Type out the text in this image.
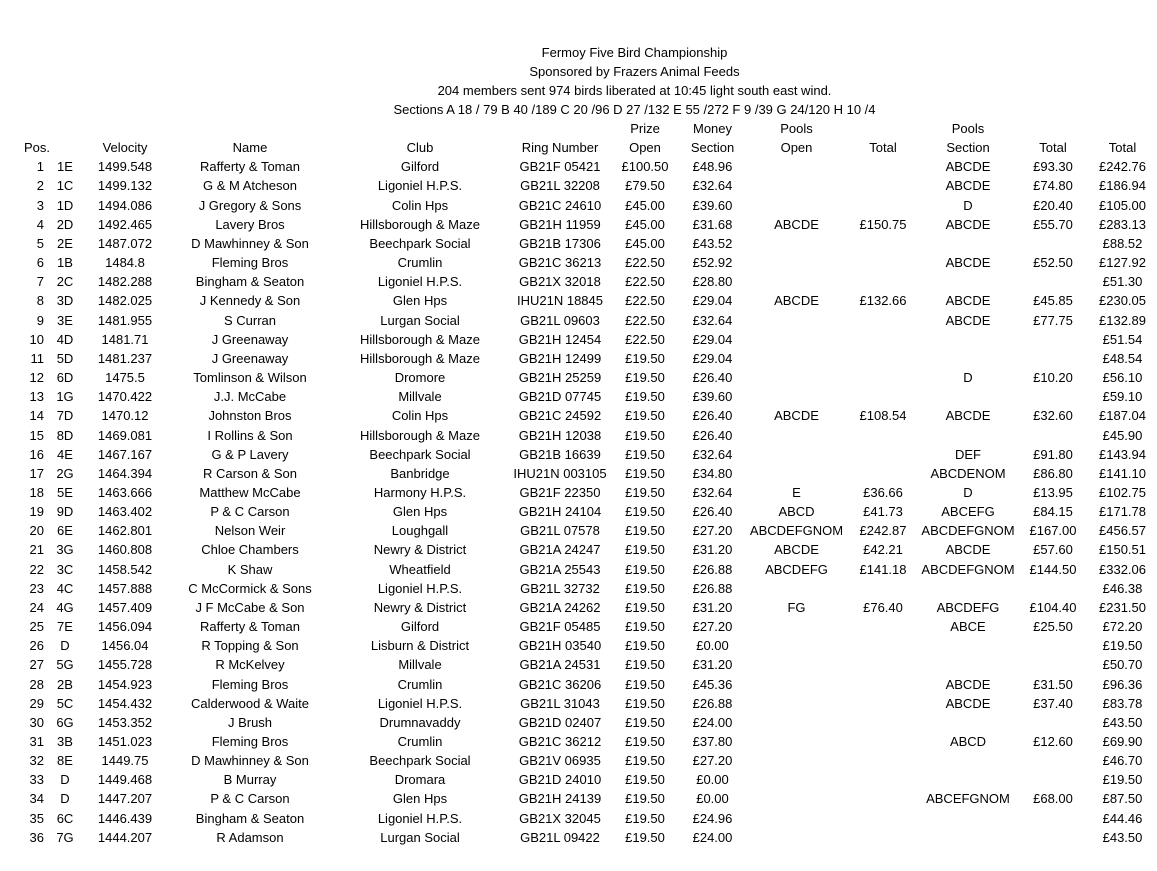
Fermoy Five Bird Championship
Sponsored by Frazers Animal Feeds
204 members sent 974 birds liberated at 10:45 light south east wind.
Sections A 18 / 79 B 40 /189 C 20 /96 D 27 /132 E 55 /272 F 9 /39 G 24/120 H 10 /4
						Prize	Money	Pools		Pools		
Pos.		Velocity	Name	Club	Ring Number	Open	Section	Open	Total	Section	Total	Total
1	1E	1499.548	Rafferty & Toman	Gilford	GB21F 05421	£100.50	£48.96			ABCDE	£93.30	£242.76
2	1C	1499.132	G & M Atcheson	Ligoniel H.P.S.	GB21L 32208	£79.50	£32.64			ABCDE	£74.80	£186.94
3	1D	1494.086	J Gregory & Sons	Colin Hps	GB21C 24610	£45.00	£39.60			D	£20.40	£105.00
4	2D	1492.465	Lavery Bros	Hillsborough & Maze	GB21H 11959	£45.00	£31.68	ABCDE	£150.75	ABCDE	£55.70	£283.13
5	2E	1487.072	D Mawhinney & Son	Beechpark Social	GB21B 17306	£45.00	£43.52					£88.52
6	1B	1484.8	Fleming Bros	Crumlin	GB21C 36213	£22.50	£52.92			ABCDE	£52.50	£127.92
7	2C	1482.288	Bingham & Seaton	Ligoniel H.P.S.	GB21X 32018	£22.50	£28.80					£51.30
8	3D	1482.025	J Kennedy & Son	Glen Hps	IHU21N 18845	£22.50	£29.04	ABCDE	£132.66	ABCDE	£45.85	£230.05
9	3E	1481.955	S Curran	Lurgan Social	GB21L 09603	£22.50	£32.64			ABCDE	£77.75	£132.89
10	4D	1481.71	J Greenaway	Hillsborough & Maze	GB21H 12454	£22.50	£29.04					£51.54
11	5D	1481.237	J Greenaway	Hillsborough & Maze	GB21H 12499	£19.50	£29.04					£48.54
12	6D	1475.5	Tomlinson & Wilson	Dromore	GB21H 25259	£19.50	£26.40			D	£10.20	£56.10
13	1G	1470.422	J.J. McCabe	Millvale	GB21D 07745	£19.50	£39.60					£59.10
14	7D	1470.12	Johnston Bros	Colin Hps	GB21C 24592	£19.50	£26.40	ABCDE	£108.54	ABCDE	£32.60	£187.04
15	8D	1469.081	I Rollins & Son	Hillsborough & Maze	GB21H 12038	£19.50	£26.40					£45.90
16	4E	1467.167	G & P Lavery	Beechpark Social	GB21B 16639	£19.50	£32.64			DEF	£91.80	£143.94
17	2G	1464.394	R Carson & Son	Banbridge	IHU21N 003105	£19.50	£34.80			ABCDENOM	£86.80	£141.10
18	5E	1463.666	Matthew McCabe	Harmony H.P.S.	GB21F 22350	£19.50	£32.64	E	£36.66	D	£13.95	£102.75
19	9D	1463.402	P & C Carson	Glen Hps	GB21H 24104	£19.50	£26.40	ABCD	£41.73	ABCEFG	£84.15	£171.78
20	6E	1462.801	Nelson Weir	Loughgall	GB21L 07578	£19.50	£27.20	ABCDEFGNOM	£242.87	ABCDEFGNOM	£167.00	£456.57
21	3G	1460.808	Chloe Chambers	Newry & District	GB21A 24247	£19.50	£31.20	ABCDE	£42.21	ABCDE	£57.60	£150.51
22	3C	1458.542	K Shaw	Wheatfield	GB21A 25543	£19.50	£26.88	ABCDEFG	£141.18	ABCDEFGNOM	£144.50	£332.06
23	4C	1457.888	C McCormick & Sons	Ligoniel H.P.S.	GB21L 32732	£19.50	£26.88					£46.38
24	4G	1457.409	J F McCabe & Son	Newry & District	GB21A 24262	£19.50	£31.20	FG	£76.40	ABCDEFG	£104.40	£231.50
25	7E	1456.094	Rafferty & Toman	Gilford	GB21F 05485	£19.50	£27.20			ABCE	£25.50	£72.20
26	D	1456.04	R Topping & Son	Lisburn & District	GB21H 03540	£19.50	£0.00					£19.50
27	5G	1455.728	R McKelvey	Millvale	GB21A 24531	£19.50	£31.20					£50.70
28	2B	1454.923	Fleming Bros	Crumlin	GB21C 36206	£19.50	£45.36			ABCDE	£31.50	£96.36
29	5C	1454.432	Calderwood & Waite	Ligoniel H.P.S.	GB21L 31043	£19.50	£26.88			ABCDE	£37.40	£83.78
30	6G	1453.352	J Brush	Drumnavaddy	GB21D 02407	£19.50	£24.00					£43.50
31	3B	1451.023	Fleming Bros	Crumlin	GB21C 36212	£19.50	£37.80			ABCD	£12.60	£69.90
32	8E	1449.75	D Mawhinney & Son	Beechpark Social	GB21V 06935	£19.50	£27.20					£46.70
33	D	1449.468	B Murray	Dromara	GB21D 24010	£19.50	£0.00					£19.50
34	D	1447.207	P & C Carson	Glen Hps	GB21H 24139	£19.50	£0.00			ABCEFGNOM	£68.00	£87.50
35	6C	1446.439	Bingham & Seaton	Ligoniel H.P.S.	GB21X 32045	£19.50	£24.96					£44.46
36	7G	1444.207	R Adamson	Lurgan Social	GB21L 09422	£19.50	£24.00					£43.50
